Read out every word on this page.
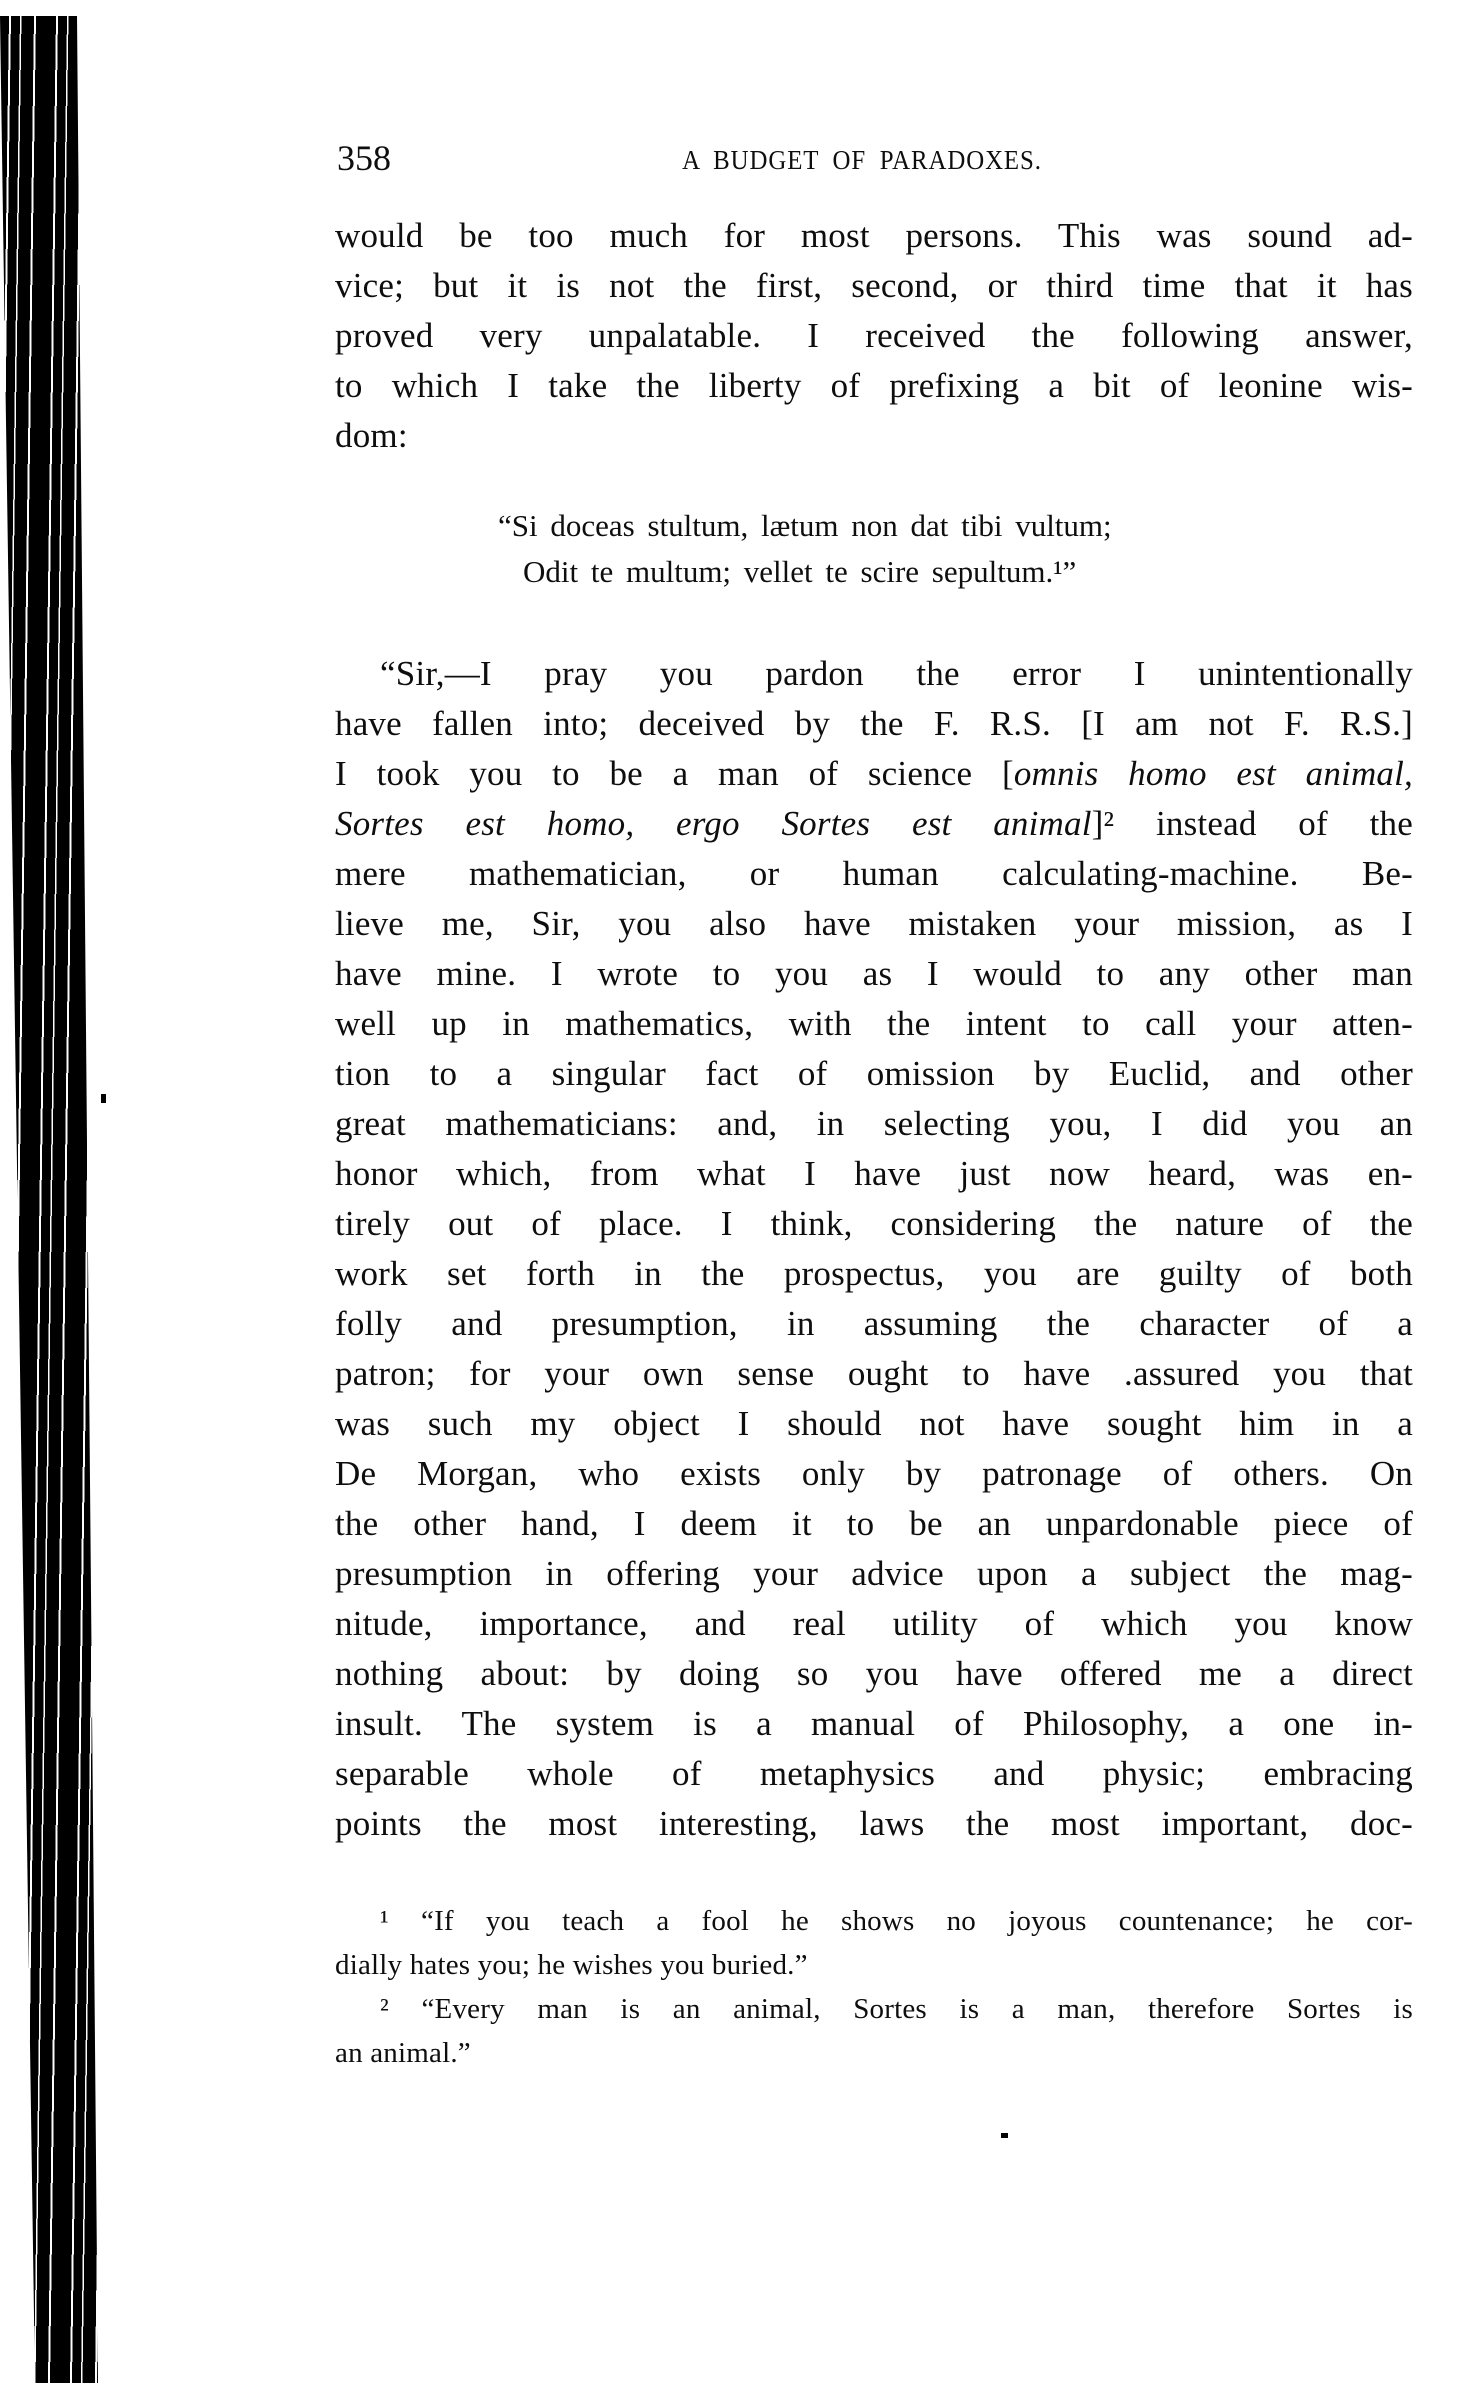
358	A BUDGET OF PARADOXES.
would be too much for most persons. This was sound ad-
vice; but it is not the first, second, or third time that it has
proved very unpalatable. I received the following answer,
to which I take the liberty of prefixing a bit of leonine wis-
dom:
“Si doceas stultum, lætum non dat tibi vultum;
Odit te multum; vellet te scire sepultum.¹”
“Sir,—I pray you pardon the error I unintentionally
have fallen into; deceived by the F. R.S. [I am not F. R.S.]
I took you to be a man of science [omnis homo est animal,
Sortes est homo, ergo Sortes est animal]² instead of the
mere mathematician, or human calculating-machine. Be-
lieve me, Sir, you also have mistaken your mission, as I
have mine. I wrote to you as I would to any other man
well up in mathematics, with the intent to call your atten-
tion to a singular fact of omission by Euclid, and other
great mathematicians: and, in selecting you, I did you an
honor which, from what I have just now heard, was en-
tirely out of place. I think, considering the nature of the
work set forth in the prospectus, you are guilty of both
folly and presumption, in assuming the character of a
patron; for your own sense ought to have .assured you that
was such my object I should not have sought him in a
De Morgan, who exists only by patronage of others. On
the other hand, I deem it to be an unpardonable piece of
presumption in offering your advice upon a subject the mag-
nitude, importance, and real utility of which you know
nothing about: by doing so you have offered me a direct
insult. The system is a manual of Philosophy, a one in-
separable whole of metaphysics and physic; embracing
points the most interesting, laws the most important, doc-
¹ “If you teach a fool he shows no joyous countenance; he cor-
dially hates you; he wishes you buried.”
² “Every man is an animal, Sortes is a man, therefore Sortes is
an animal.”
